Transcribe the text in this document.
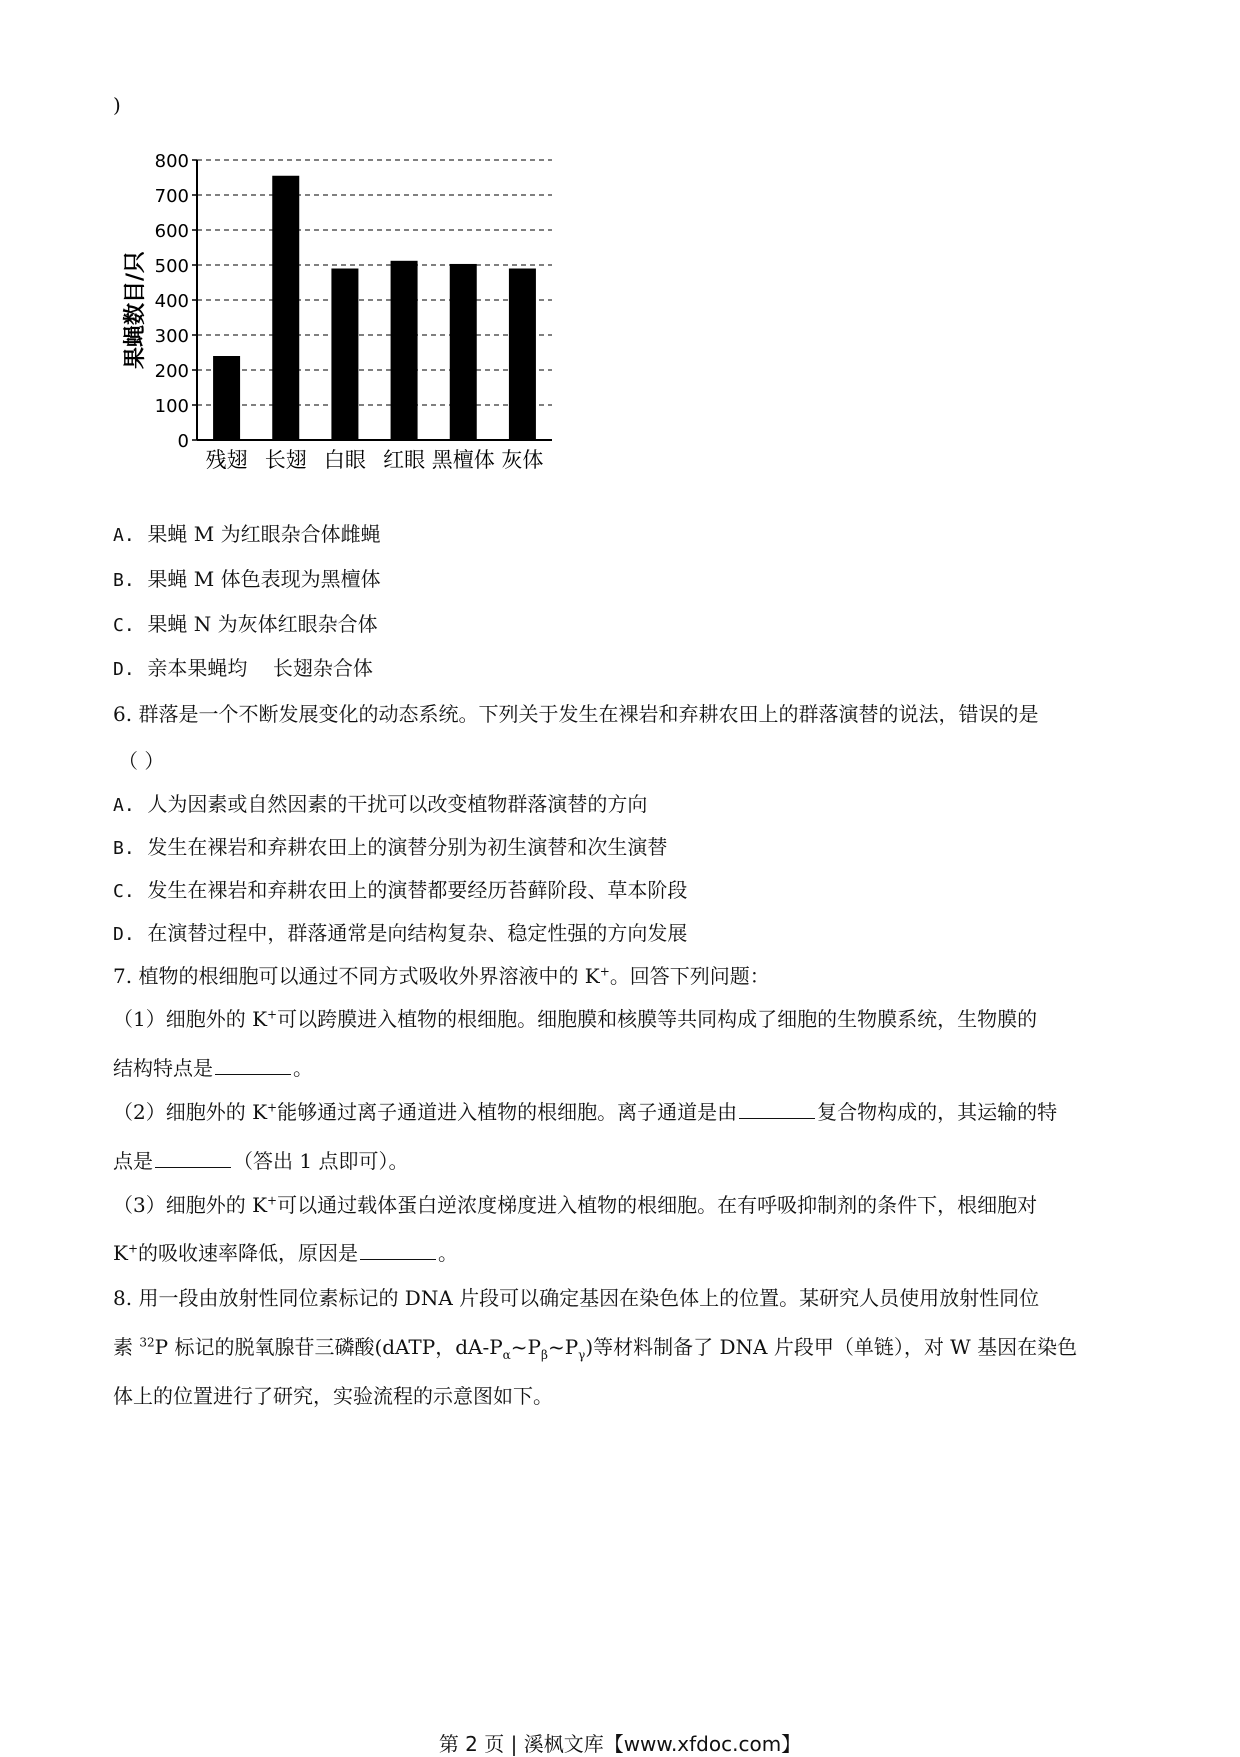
)
0
100
200
300
400
500
600
700
800
残翅 长翅 白眼 红眼 黑檀体 灰体
果蝇数目/只
A. 果蝇 M 为红眼杂合体雌蝇
B. 果蝇 M 体色表现为黑檀体
C. 果蝇 N 为灰体红眼杂合体
D. 亲本果蝇均    长翅杂合体
6. 群落是一个不断发展变化的动态系统。下列关于发生在裸岩和弃耕农田上的群落演替的说法，错误的是
（ ）
A. 人为因素或自然因素的干扰可以改变植物群落演替的方向
B. 发生在裸岩和弃耕农田上的演替分别为初生演替和次生演替
C. 发生在裸岩和弃耕农田上的演替都要经历苔藓阶段、草本阶段
D. 在演替过程中，群落通常是向结构复杂、稳定性强的方向发展
7. 植物的根细胞可以通过不同方式吸收外界溶液中的 K+。回答下列问题：
（1）细胞外的 K+可以跨膜进入植物的根细胞。细胞膜和核膜等共同构成了细胞的生物膜系统，生物膜的
结构特点是	。
（2）细胞外的 K+能够通过离子通道进入植物的根细胞。离子通道是由	复合物构成的，其运输的特
点是	（答出 1 点即可）。
（3）细胞外的 K+可以通过载体蛋白逆浓度梯度进入植物的根细胞。在有呼吸抑制剂的条件下，根细胞对
K+的吸收速率降低，原因是	。
8. 用一段由放射性同位素标记的 DNA 片段可以确定基因在染色体上的位置。某研究人员使用放射性同位
素 $^{32}$P 标记的脱氧腺苷三磷酸(dATP，$dA-P_\alpha\sim P_\beta\sim P_\gamma$)等材料制备了 DNA 片段甲（单链），对 W 基因在染色
体上的位置进行了研究，实验流程的示意图如下。
第 2 页 | 溪枫文库【www.xfdoc.com】
